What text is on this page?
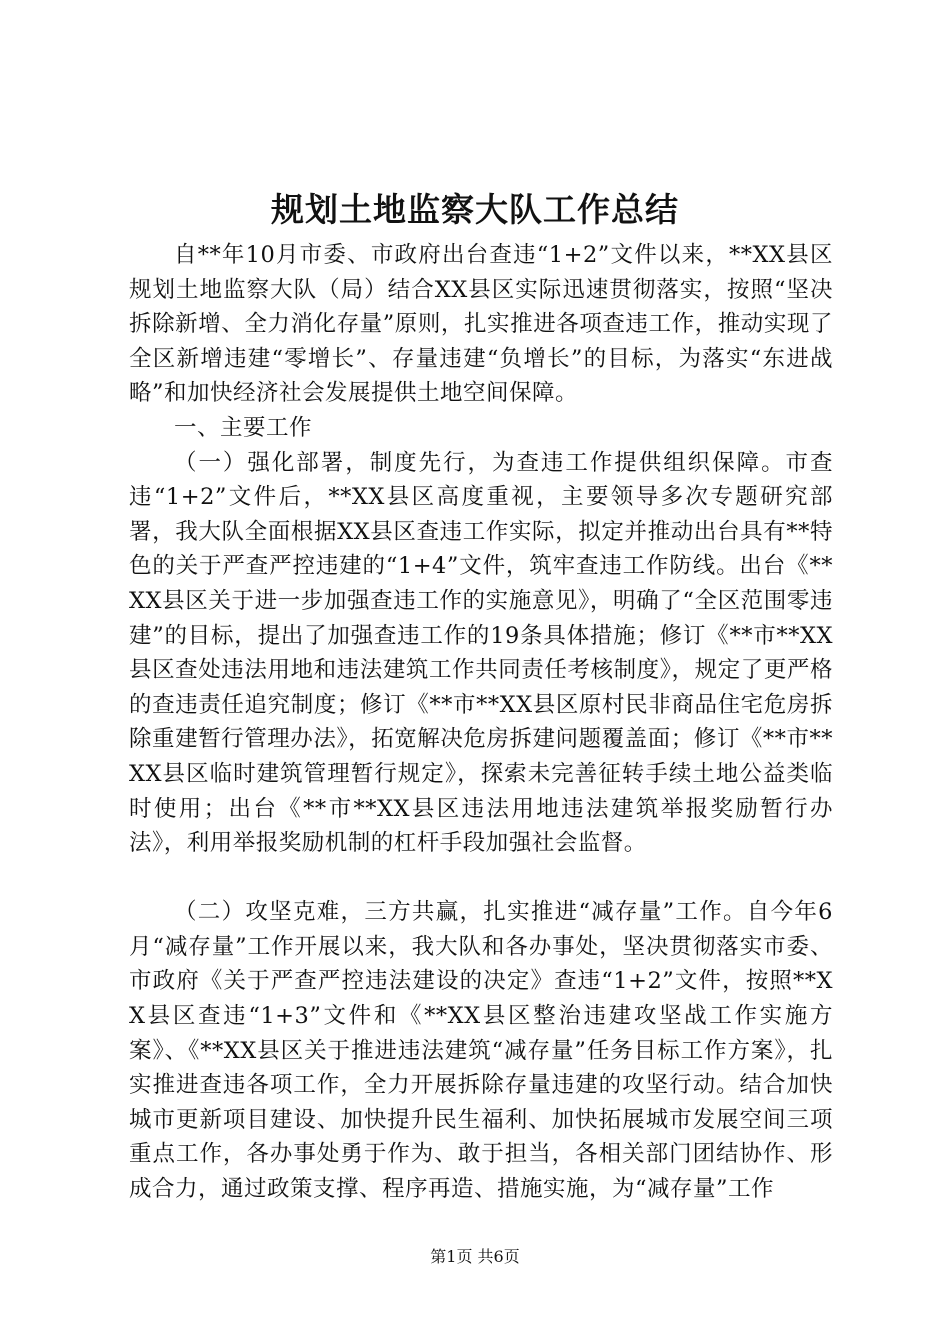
规划土地监察大队工作总结

自**年10月市委、市政府出台查违“1+2”文件以来，**XX县区规划土地监察大队（局）结合XX县区实际迅速贯彻落实，按照“坚决拆除新增、全力消化存量”原则，扎实推进各项查违工作，推动实现了全区新增违建“零增长”、存量违建“负增长”的目标，为落实“东进战略”和加快经济社会发展提供土地空间保障。

一、主要工作

（一）强化部署，制度先行，为查违工作提供组织保障。市查违“1+2”文件后，**XX县区高度重视，主要领导多次专题研究部署，我大队全面根据XX县区查违工作实际，拟定并推动出台具有**特色的关于严查严控违建的“1+4”文件，筑牢查违工作防线。出台《**XX县区关于进一步加强查违工作的实施意见》，明确了“全区范围零违建”的目标，提出了加强查违工作的19条具体措施；修订《**市**XX县区查处违法用地和违法建筑工作共同责任考核制度》，规定了更严格的查违责任追究制度；修订《**市**XX县区原村民非商品住宅危房拆除重建暂行管理办法》，拓宽解决危房拆建问题覆盖面；修订《**市**XX县区临时建筑管理暂行规定》，探索未完善征转手续土地公益类临时使用；出台《**市**XX县区违法用地违法建筑举报奖励暂行办法》，利用举报奖励机制的杠杆手段加强社会监督。

（二）攻坚克难，三方共赢，扎实推进“减存量”工作。自今年6月“减存量”工作开展以来，我大队和各办事处，坚决贯彻落实市委、市政府《关于严查严控违法建设的决定》查违“1+2”文件，按照**XX县区查违“1+3”文件和《**XX县区整治违建攻坚战工作实施方案》、《**XX县区关于推进违法建筑“减存量”任务目标工作方案》，扎实推进查违各项工作，全力开展拆除存量违建的攻坚行动。结合加快城市更新项目建设、加快提升民生福利、加快拓展城市发展空间三项重点工作，各办事处勇于作为、敢于担当，各相关部门团结协作、形成合力，通过政策支撑、程序再造、措施实施，为“减存量”工作

第1页 共6页
